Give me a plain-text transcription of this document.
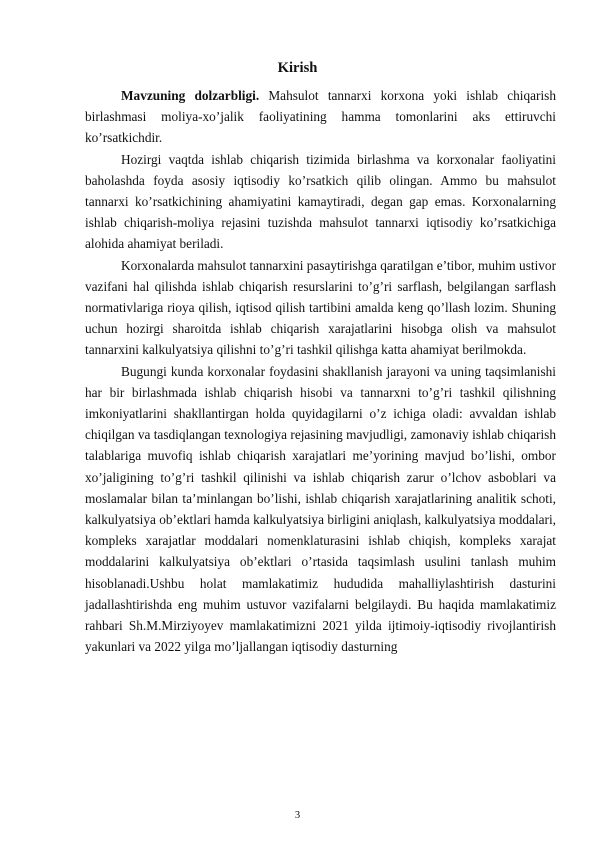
Kirish

Mavzuning dolzarbligi. Mahsulot tannarxi korxona yoki ishlab chiqarish birlashmasi moliya-xo’jalik faoliyatining hamma tomonlarini aks ettiruvchi ko’rsatkichdir.

Hozirgi vaqtda ishlab chiqarish tizimida birlashma va korxonalar faoliyatini baholashda foyda asosiy iqtisodiy ko’rsatkich qilib olingan. Ammo bu mahsulot tannarxi ko’rsatkichining ahamiyatini kamaytiradi, degan gap emas. Korxonalarning ishlab chiqarish-moliya rejasini tuzishda mahsulot tannarxi iqtisodiy ko’rsatkichiga alohida ahamiyat beriladi.

Korxonalarda mahsulot tannarxini pasaytirishga qaratilgan e’tibor, muhim ustivor vazifani hal qilishda ishlab chiqarish resurslarini to’g’ri sarflash, belgilangan sarflash normativlariga rioya qilish, iqtisod qilish tartibini amalda keng qo’llash lozim. Shuning uchun hozirgi sharoitda ishlab chiqarish xarajatlarini hisobga olish va mahsulot tannarxini kalkulyatsiya qilishni to’g’ri tashkil qilishga katta ahamiyat berilmokda.

Bugungi kunda korxonalar foydasini shakllanish jarayoni va uning taqsimlanishi har bir birlashmada ishlab chiqarish hisobi va tannarxni to’g’ri tashkil qilishning imkoniyatlarini shakllantirgan holda quyidagilarni o’z ichiga oladi: avvaldan ishlab chiqilgan va tasdiqlangan texnologiya rejasining mavjudligi, zamonaviy ishlab chiqarish talablariga muvofiq ishlab chiqarish xarajatlari me’yorining mavjud bo’lishi, ombor xo’jaligining to’g’ri tashkil qilinishi va ishlab chiqarish zarur o’lchov asboblari va moslamalar bilan ta’minlangan bo’lishi, ishlab chiqarish xarajatlarining analitik schoti, kalkulyatsiya ob’ektlari hamda kalkulyatsiya birligini aniqlash, kalkulyatsiya moddalari, kompleks xarajatlar moddalari nomenklaturasini ishlab chiqish, kompleks xarajat moddalarini kalkulyatsiya ob’ektlari o’rtasida taqsimlash usulini tanlash muhim hisoblanadi.Ushbu holat mamlakatimiz hududida mahalliylashtirish dasturini jadallashtirishda eng muhim ustuvor vazifalarni belgilaydi. Bu haqida mamlakatimiz rahbari Sh.M.Mirziyoyev mamlakatimizni 2021 yilda ijtimoiy-iqtisodiy rivojlantirish yakunlari va 2022 yilga mo’ljallangan iqtisodiy dasturning

3
